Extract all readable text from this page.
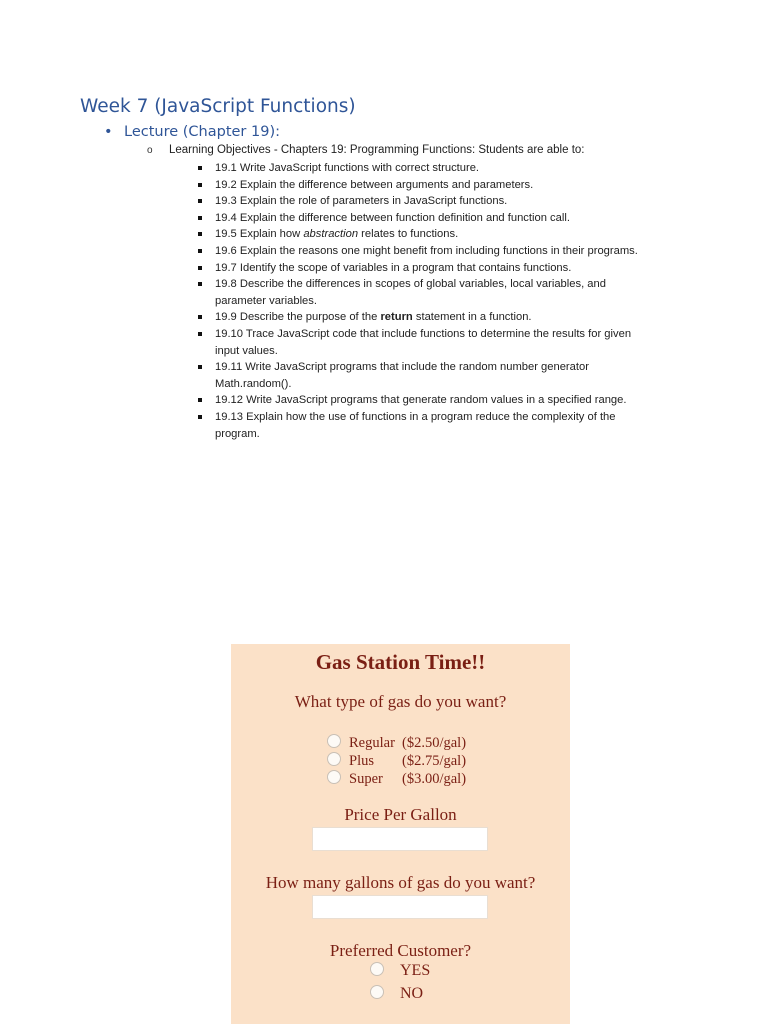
Week 7 (JavaScript Functions)
• Lecture (Chapter 19):
o Learning Objectives - Chapters 19: Programming Functions: Students are able to:
19.1 Write JavaScript functions with correct structure.
19.2 Explain the difference between arguments and parameters.
19.3 Explain the role of parameters in JavaScript functions.
19.4 Explain the difference between function definition and function call.
19.5 Explain how abstraction relates to functions.
19.6 Explain the reasons one might benefit from including functions in their programs.
19.7 Identify the scope of variables in a program that contains functions.
19.8 Describe the differences in scopes of global variables, local variables, and parameter variables.
19.9 Describe the purpose of the return statement in a function.
19.10 Trace JavaScript code that include functions to determine the results for given input values.
19.11 Write JavaScript programs that include the random number generator Math.random().
19.12 Write JavaScript programs that generate random values in a specified range.
19.13 Explain how the use of functions in a program reduce the complexity of the program.
Gas Station Time!!
What type of gas do you want?
Regular ($2.50/gal)
Plus ($2.75/gal)
Super ($3.00/gal)
Price Per Gallon
How many gallons of gas do you want?
Preferred Customer?
YES
NO
